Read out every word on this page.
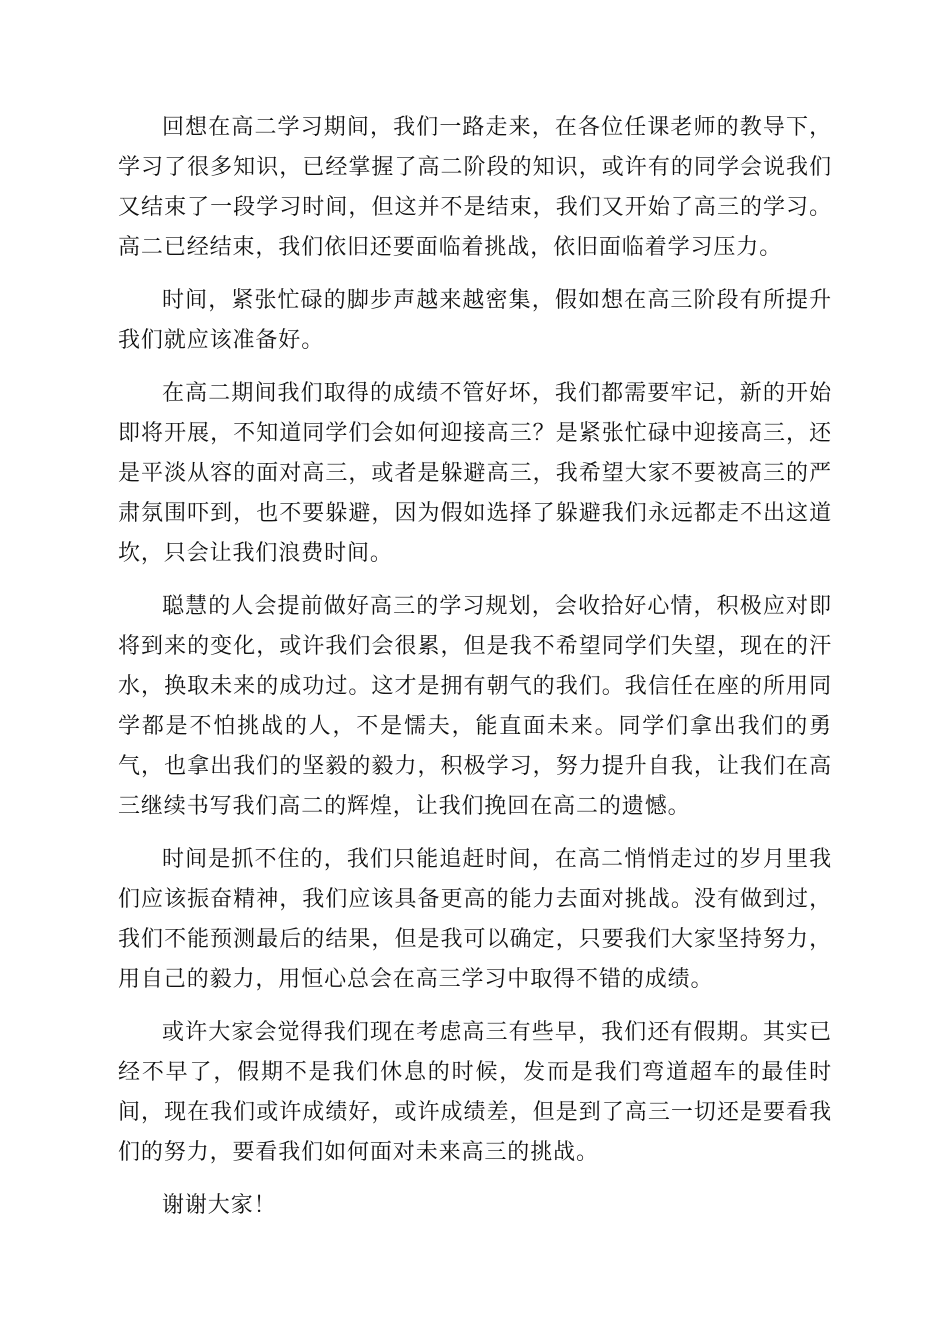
回想在高二学习期间，我们一路走来，在各位任课老师的教导下，学习了很多知识，已经掌握了高二阶段的知识，或许有的同学会说我们又结束了一段学习时间，但这并不是结束，我们又开始了高三的学习。高二已经结束，我们依旧还要面临着挑战，依旧面临着学习压力。

时间，紧张忙碌的脚步声越来越密集，假如想在高三阶段有所提升我们就应该准备好。

在高二期间我们取得的成绩不管好坏，我们都需要牢记，新的开始即将开展，不知道同学们会如何迎接高三？是紧张忙碌中迎接高三，还是平淡从容的面对高三，或者是躲避高三，我希望大家不要被高三的严肃氛围吓到，也不要躲避，因为假如选择了躲避我们永远都走不出这道坎，只会让我们浪费时间。

聪慧的人会提前做好高三的学习规划，会收拾好心情，积极应对即将到来的变化，或许我们会很累，但是我不希望同学们失望，现在的汗水，换取未来的成功过。这才是拥有朝气的我们。我信任在座的所用同学都是不怕挑战的人，不是懦夫，能直面未来。同学们拿出我们的勇气，也拿出我们的坚毅的毅力，积极学习，努力提升自我，让我们在高三继续书写我们高二的辉煌，让我们挽回在高二的遗憾。

时间是抓不住的，我们只能追赶时间，在高二悄悄走过的岁月里我们应该振奋精神，我们应该具备更高的能力去面对挑战。没有做到过，我们不能预测最后的结果，但是我可以确定，只要我们大家坚持努力，用自己的毅力，用恒心总会在高三学习中取得不错的成绩。

或许大家会觉得我们现在考虑高三有些早，我们还有假期。其实已经不早了，假期不是我们休息的时候，发而是我们弯道超车的最佳时间，现在我们或许成绩好，或许成绩差，但是到了高三一切还是要看我们的努力，要看我们如何面对未来高三的挑战。

谢谢大家！
